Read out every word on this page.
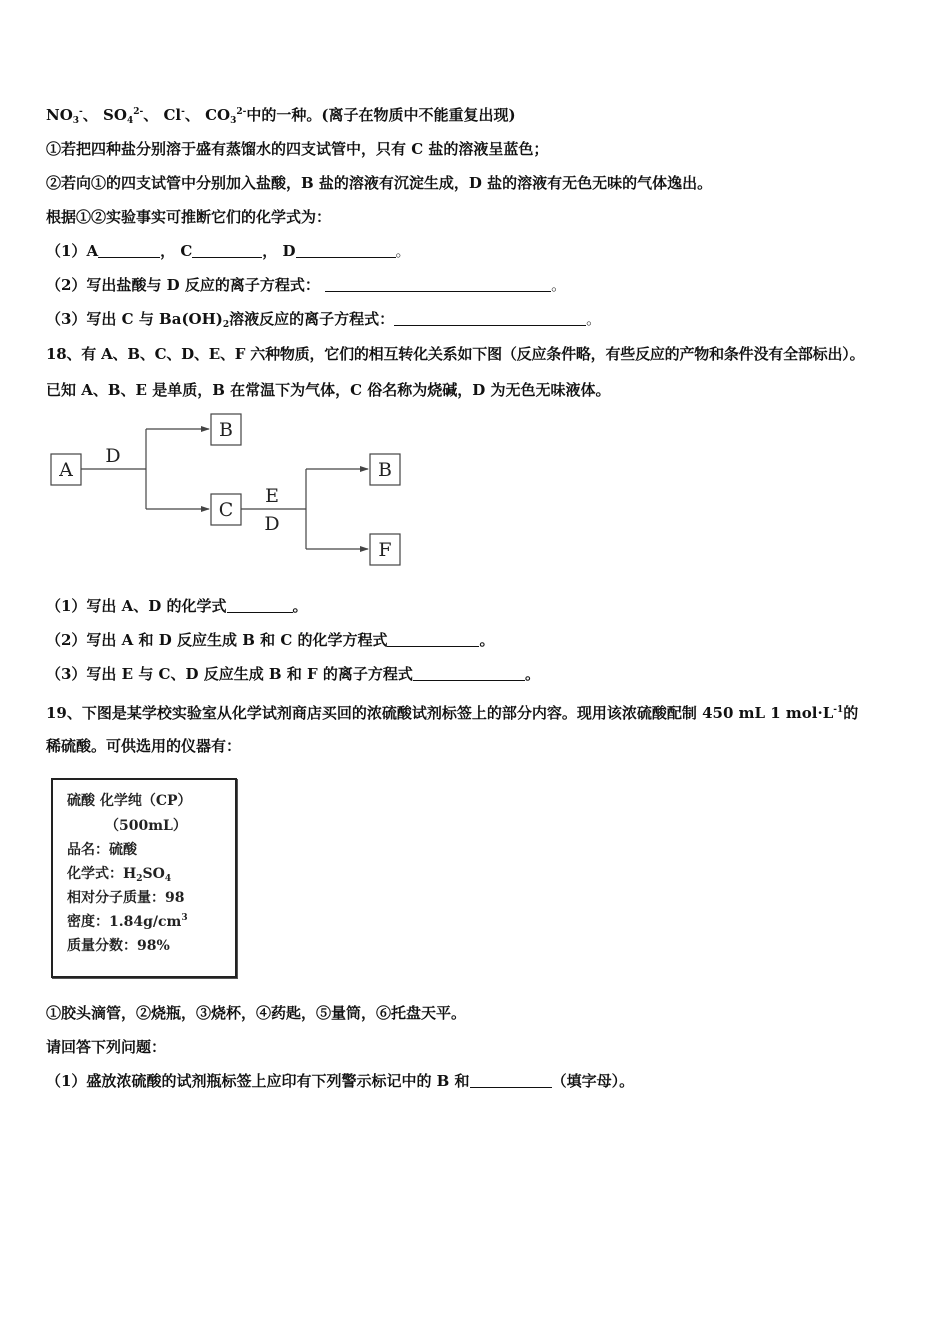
$NO_3^-$、 $SO_4^{2-}$、 Cl-、 $CO_3^{2-}$中的一种。(离子在物质中不能重复出现)
①若把四种盐分别溶于盛有蒸馏水的四支试管中，只有 C 盐的溶液呈蓝色；
②若向①的四支试管中分别加入盐酸，B 盐的溶液有沉淀生成，D 盐的溶液有无色无味的气体逸出。
根据①②实验事实可推断它们的化学式为：
（1）A	， C	， D	。
（2）写出盐酸与 D 反应的离子方程式：	。
（3）写出 C 与 $Ba(OH)_2$溶液反应的离子方程式：	。
18、有 A、B、C、D、E、F 六种物质，它们的相互转化关系如下图（反应条件略，有些反应的产物和条件没有全部标出）。
已知 A、B、E 是单质，B 在常温下为气体，C 俗名称为烧碱，D 为无色无味液体。
A
B
C
B
F
D
E
D
（1）写出 A、D 的化学式	。
（2）写出 A 和 D 反应生成 B 和 C 的化学方程式	。
（3）写出 E 与 C、D 反应生成 B 和 F 的离子方程式	。
19、下图是某学校实验室从化学试剂商店买回的浓硫酸试剂标签上的部分内容。现用该浓硫酸配制 450 mL 1 $mol\cdot L^{-1}$的
稀硫酸。可供选用的仪器有：
硫酸 化学纯（CP）
（500mL）
品名：硫酸
化学式：$H_2SO_4$
相对分子质量：98
密度：$1.84g/cm^3$
质量分数：98%
①胶头滴管，②烧瓶，③烧杯，④药匙，⑤量筒，⑥托盘天平。
请回答下列问题：
（1）盛放浓硫酸的试剂瓶标签上应印有下列警示标记中的 B 和	（填字母）。
